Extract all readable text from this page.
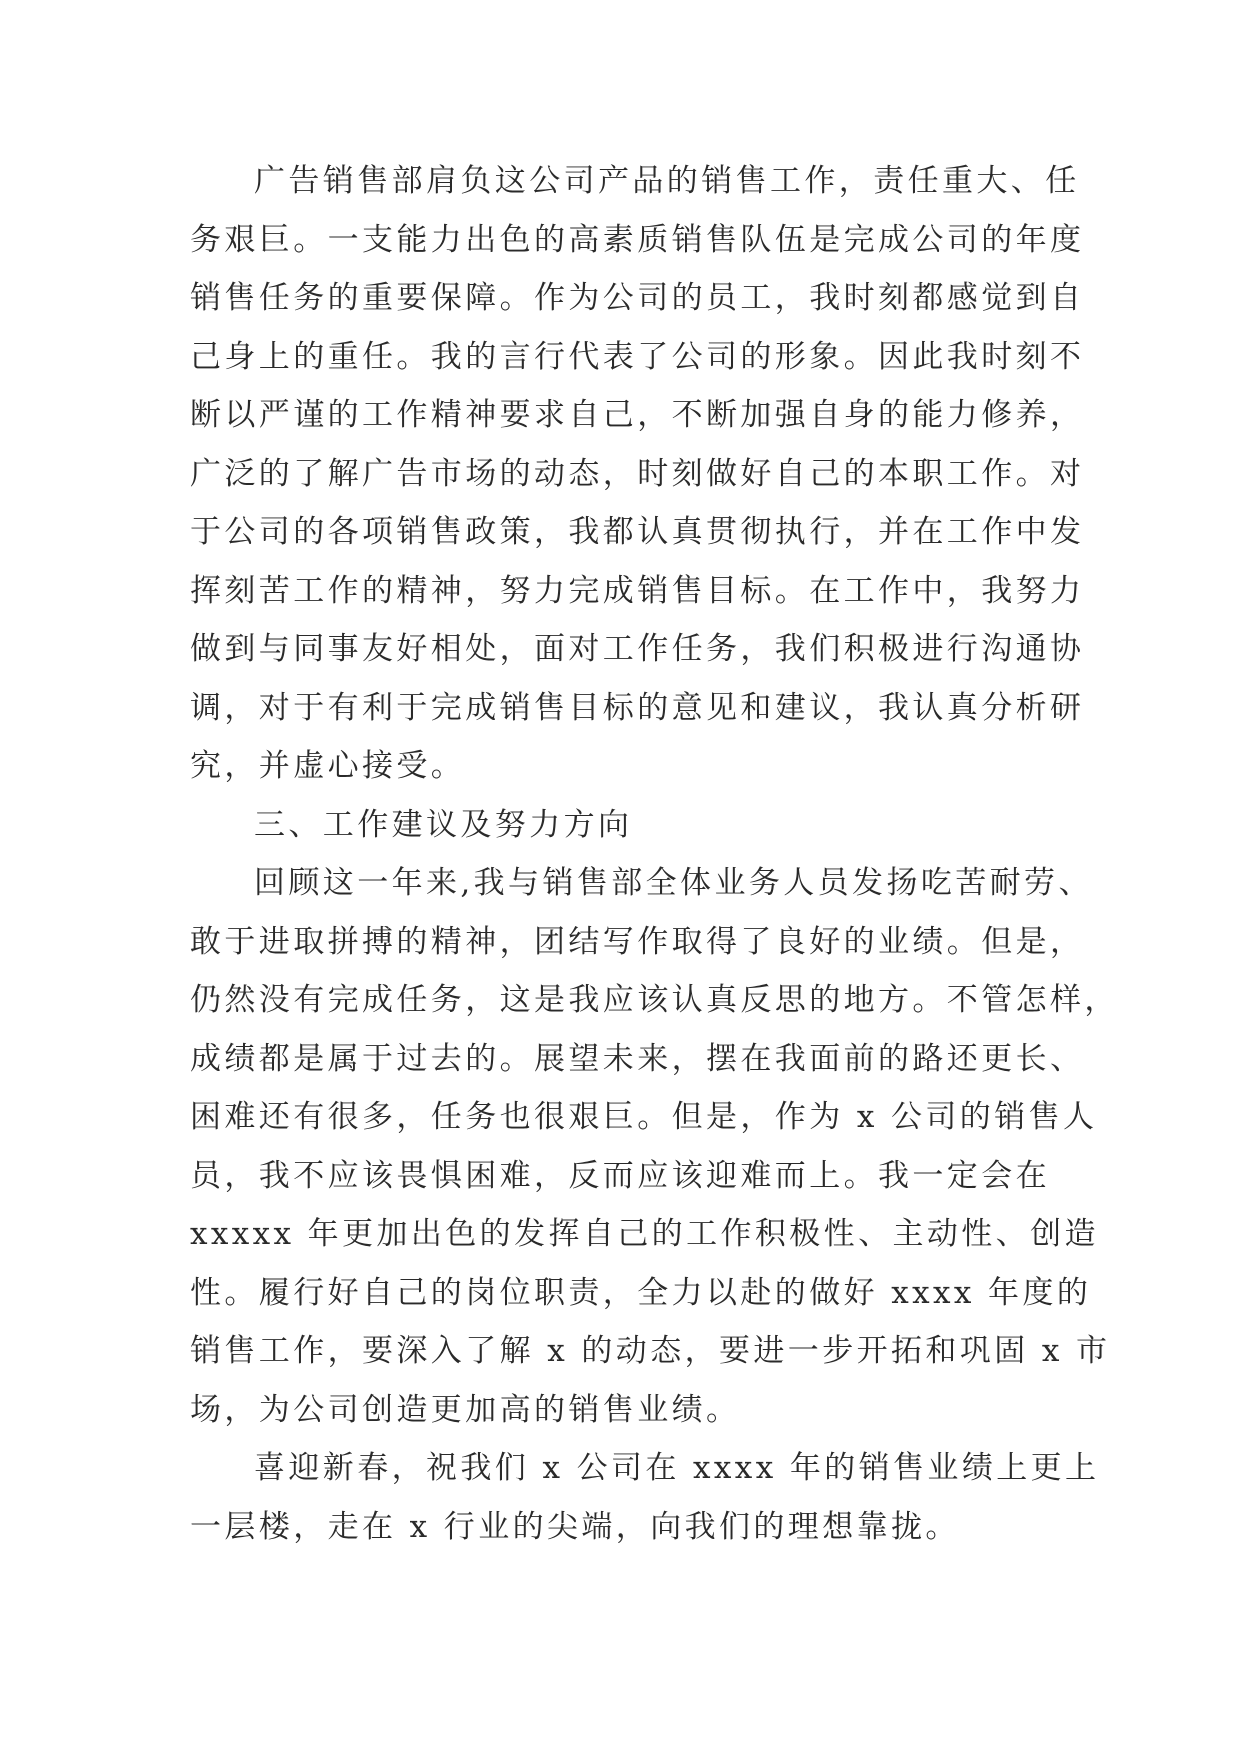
广告销售部肩负这公司产品的销售工作，责任重大、任
务艰巨。一支能力出色的高素质销售队伍是完成公司的年度
销售任务的重要保障。作为公司的员工，我时刻都感觉到自
己身上的重任。我的言行代表了公司的形象。因此我时刻不
断以严谨的工作精神要求自己，不断加强自身的能力修养，
广泛的了解广告市场的动态，时刻做好自己的本职工作。对
于公司的各项销售政策，我都认真贯彻执行，并在工作中发
挥刻苦工作的精神，努力完成销售目标。在工作中，我努力
做到与同事友好相处，面对工作任务，我们积极进行沟通协
调，对于有利于完成销售目标的意见和建议，我认真分析研
究，并虚心接受。
三、工作建议及努力方向
回顾这一年来,我与销售部全体业务人员发扬吃苦耐劳、
敢于进取拼搏的精神，团结写作取得了良好的业绩。但是，
仍然没有完成任务，这是我应该认真反思的地方。不管怎样，
成绩都是属于过去的。展望未来，摆在我面前的路还更长、
困难还有很多，任务也很艰巨。但是，作为 x 公司的销售人
员，我不应该畏惧困难，反而应该迎难而上。我一定会在
xxxxx 年更加出色的发挥自己的工作积极性、主动性、创造
性。履行好自己的岗位职责，全力以赴的做好 xxxx 年度的
销售工作，要深入了解 x 的动态，要进一步开拓和巩固 x 市
场，为公司创造更加高的销售业绩。
喜迎新春，祝我们 x 公司在 xxxx 年的销售业绩上更上
一层楼，走在 x 行业的尖端，向我们的理想靠拢。
